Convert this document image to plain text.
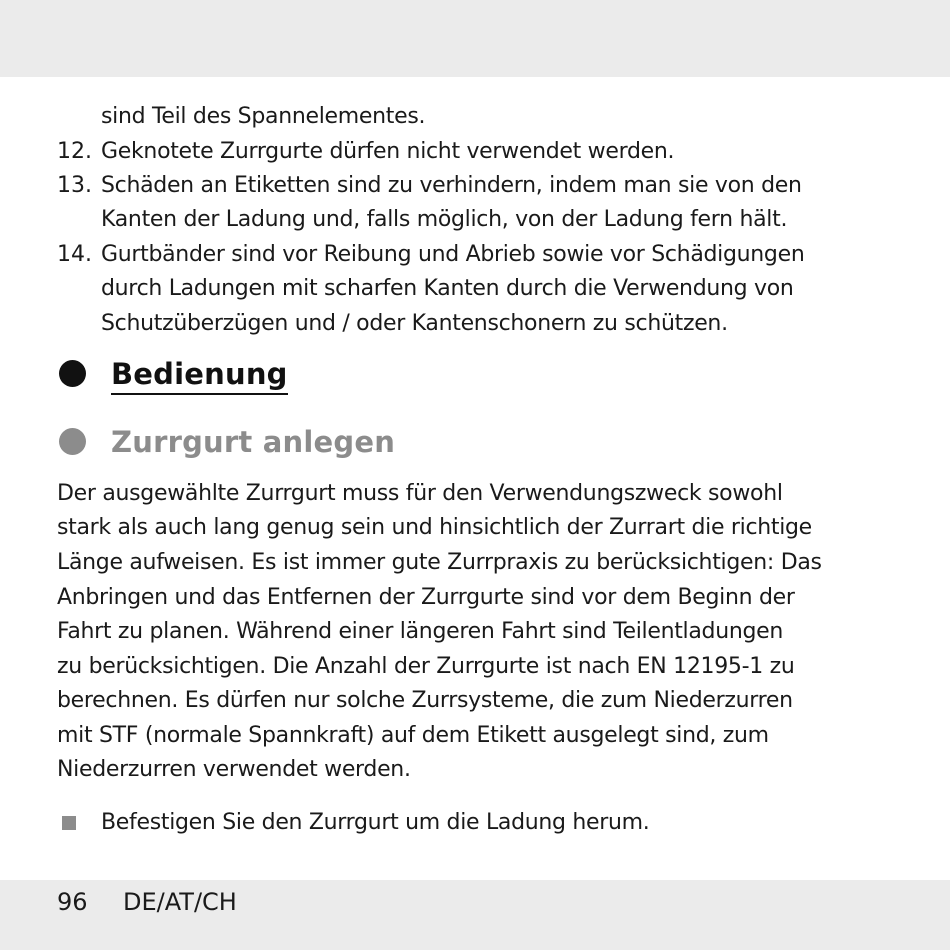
sind Teil des Spannelementes.
12. Geknotete Zurrgurte dürfen nicht verwendet werden.
13. Schäden an Etiketten sind zu verhindern, indem man sie von den
Kanten der Ladung und, falls möglich, von der Ladung fern hält.
14. Gurtbänder sind vor Reibung und Abrieb sowie vor Schädigungen
durch Ladungen mit scharfen Kanten durch die Verwendung von
Schutzüberzügen und / oder Kantenschonern zu schützen.
Bedienung
Zurrgurt anlegen
Der ausgewählte Zurrgurt muss für den Verwendungszweck sowohl
stark als auch lang genug sein und hinsichtlich der Zurrart die richtige
Länge aufweisen. Es ist immer gute Zurrpraxis zu berücksichtigen: Das
Anbringen und das Entfernen der Zurrgurte sind vor dem Beginn der
Fahrt zu planen. Während einer längeren Fahrt sind Teilentladungen
zu berücksichtigen. Die Anzahl der Zurrgurte ist nach EN 12195-1 zu
berechnen. Es dürfen nur solche Zurrsysteme, die zum Niederzurren
mit STF (normale Spannkraft) auf dem Etikett ausgelegt sind, zum
Niederzurren verwendet werden.
Befestigen Sie den Zurrgurt um die Ladung herum.
96 DE/AT/CH
